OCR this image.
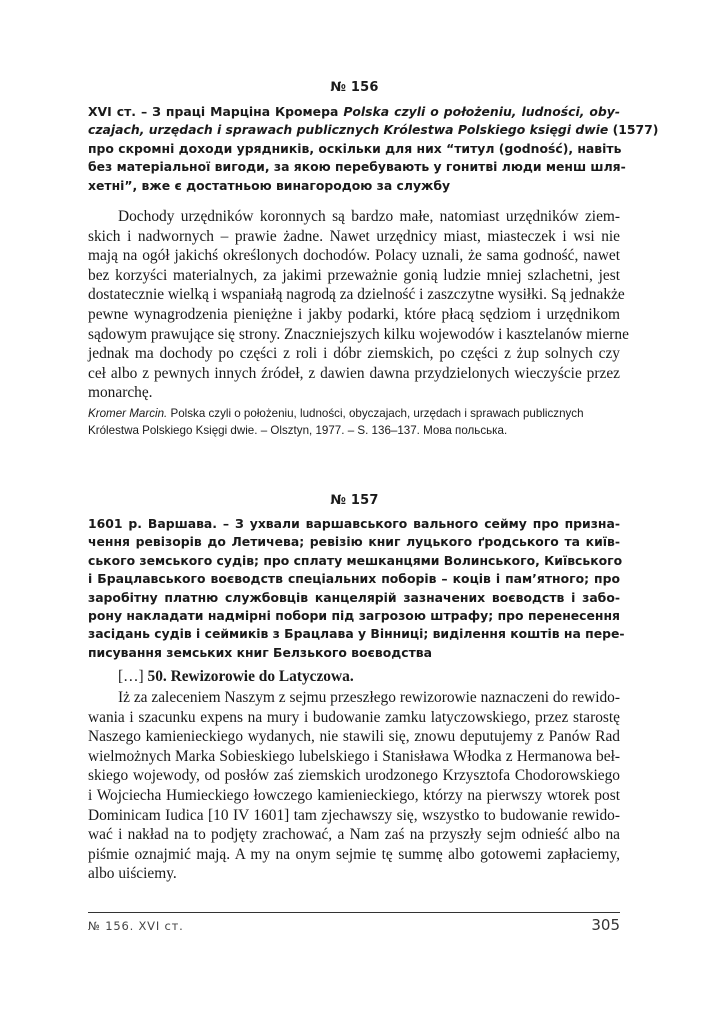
№ 156
XVI ст. – З праці Марціна Кромера Polska czyli o położeniu, ludności, oby-
czajach, urzędach i sprawach publicznych Królestwa Polskiego księgi dwie (1577)
про скромні доходи урядників, оскільки для них “титул (godność), навіть
без матеріальної вигоди, за якою перебувають у гонитві люди менш шля-
хетні”, вже є достатньою винагородою за службу
Dochody urzędników koronnych są bardzo małe, natomiast urzędników ziem-
skich i nadwornych – prawie żadne. Nawet urzędnicy miast, miasteczek i wsi nie
mają na ogół jakichś określonych dochodów. Polacy uznali, że sama godność, nawet
bez korzyści materialnych, za jakimi przeważnie gonią ludzie mniej szlachetni, jest
dostatecznie wielką i wspaniałą nagrodą za dzielność i zaszczytne wysiłki. Są jednakże
pewne wynagrodzenia pieniężne i jakby podarki, które płacą sędziom i urzędnikom
sądowym prawujące się strony. Znaczniejszych kilku wojewodów i kasztelanów mierne
jednak ma dochody po części z roli i dóbr ziemskich, po części z żup solnych czy
ceł albo z pewnych innych źródeł, z dawien dawna przydzielonych wieczyście przez
monarchę.
Kromer Marcin. Polska czyli o położeniu, ludności, obyczajach, urzędach i sprawach publicznych
Królestwa Polskiego Księgi dwie. – Olsztyn, 1977. – S. 136–137. Мова польська.
№ 157
1601 р. Варшава. – З ухвали варшавського вального сейму про призна-
чення ревізорів до Летичева; ревізію книг луцького ґродського та київ-
ського земського судів; про сплату мешканцями Волинського, Київського
і Брацлавського воєводств спеціальних поборів – коців і пам’ятного; про
заробітну платню службовців канцелярій зазначених воєводств і забо-
рону накладати надмірні побори під загрозою штрафу; про перенесення
засідань судів і сеймиків з Брацлава у Вінниці; виділення коштів на пере-
писування земських книг Белзького воєводства
[…] 50. Rewizorowie do Latyczowa.
Iż za zaleceniem Naszym z sejmu przeszłego rewizorowie naznaczeni do rewido-
wania i szacunku expens na mury i budowanie zamku latyczowskiego, przez starostę
Naszego kamienieckiego wydanych, nie stawili się, znowu deputujemy z Panów Rad
wielmożnych Marka Sobieskiego lubelskiego i Stanisława Włodka z Hermanowa beł-
skiego wojewody, od posłów zaś ziemskich urodzonego Krzysztofa Chodorowskiego
i Wojciecha Humieckiego łowczego kamienieckiego, którzy na pierwszy wtorek post
Dominicam Iudica [10 IV 1601] tam zjechawszy się, wszystko to budowanie rewido-
wać i nakład na to podjęty zrachować, a Nam zaś na przyszły sejm odnieść albo na
piśmie oznajmić mają. A my na onym sejmie tę summę albo gotowemi zapłaciemy,
albo uiściemy.
№ 156. XVI ст.	305
